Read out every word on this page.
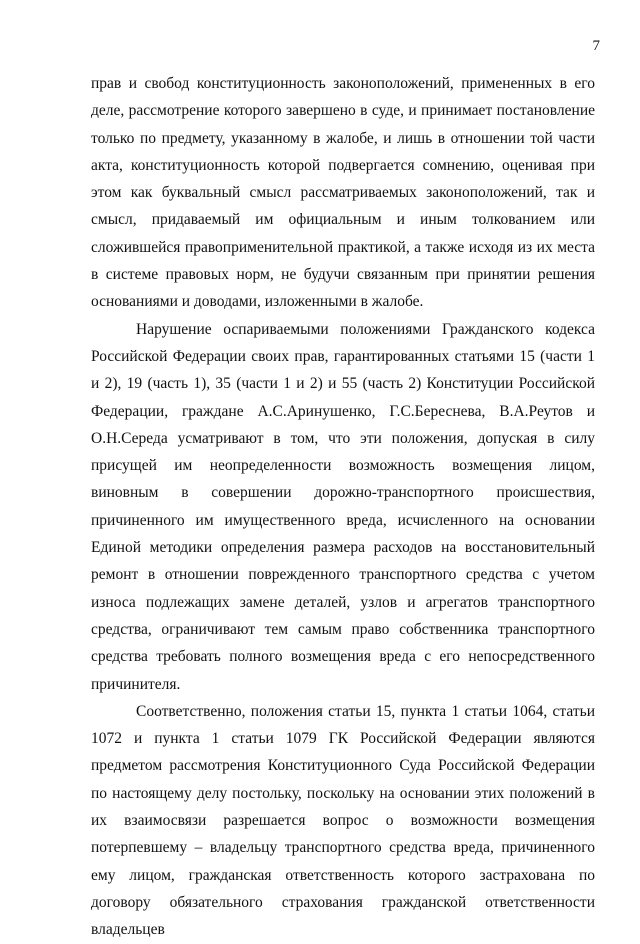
7

прав и свобод конституционность законоположений, примененных в его деле, рассмотрение которого завершено в суде, и принимает постановление только по предмету, указанному в жалобе, и лишь в отношении той части акта, конституционность которой подвергается сомнению, оценивая при этом как буквальный смысл рассматриваемых законоположений, так и смысл, придаваемый им официальным и иным толкованием или сложившейся правоприменительной практикой, а также исходя из их места в системе правовых норм, не будучи связанным при принятии решения основаниями и доводами, изложенными в жалобе.

Нарушение оспариваемыми положениями Гражданского кодекса Российской Федерации своих прав, гарантированных статьями 15 (части 1 и 2), 19 (часть 1), 35 (части 1 и 2) и 55 (часть 2) Конституции Российской Федерации, граждане А.С.Аринушенко, Г.С.Береснева, В.А.Реутов и О.Н.Середа усматривают в том, что эти положения, допуская в силу присущей им неопределенности возможность возмещения лицом, виновным в совершении дорожно-транспортного происшествия, причиненного им имущественного вреда, исчисленного на основании Единой методики определения размера расходов на восстановительный ремонт в отношении поврежденного транспортного средства с учетом износа подлежащих замене деталей, узлов и агрегатов транспортного средства, ограничивают тем самым право собственника транспортного средства требовать полного возмещения вреда с его непосредственного причинителя.

Соответственно, положения статьи 15, пункта 1 статьи 1064, статьи 1072 и пункта 1 статьи 1079 ГК Российской Федерации являются предметом рассмотрения Конституционного Суда Российской Федерации по настоящему делу постольку, поскольку на основании этих положений в их взаимосвязи разрешается вопрос о возможности возмещения потерпевшему – владельцу транспортного средства вреда, причиненного ему лицом, гражданская ответственность которого застрахована по договору обязательного страхования гражданской ответственности владельцев
